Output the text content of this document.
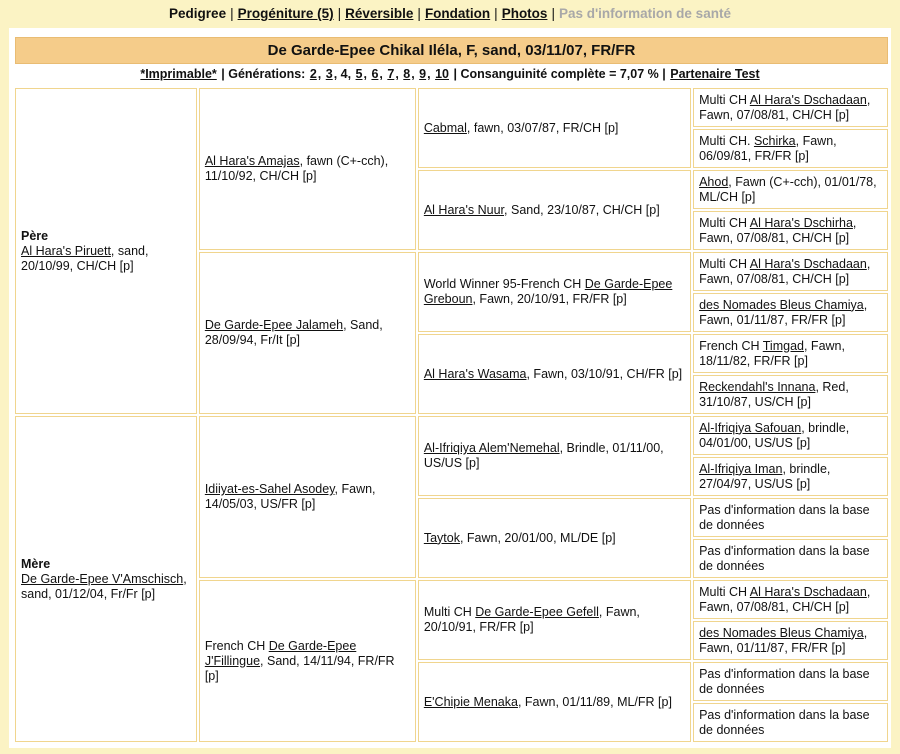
Pedigree | Progéniture (5) | Réversible | Fondation | Photos | Pas d'information de santé
De Garde-Epee Chikal Iléla, F, sand, 03/11/07, FR/FR
*Imprimable* | Générations: 2, 3, 4, 5, 6, 7, 8, 9, 10 | Consanguinité complète = 7,07 % | Partenaire Test
Père
Al Hara's Piruett, sand, 20/10/99, CH/CH [p]	Al Hara's Amajas, fawn (C+-cch), 11/10/92, CH/CH [p]	Cabmal, fawn, 03/07/87, FR/CH [p]	Multi CH Al Hara's Dschadaan, Fawn, 07/08/81, CH/CH [p]
			Multi CH. Schirka, Fawn, 06/09/81, FR/FR [p]
		Al Hara's Nuur, Sand, 23/10/87, CH/CH [p]	Ahod, Fawn (C+-cch), 01/01/78, ML/CH [p]
			Multi CH Al Hara's Dschirha, Fawn, 07/08/81, CH/CH [p]
	De Garde-Epee Jalameh, Sand, 28/09/94, Fr/It [p]	World Winner 95-French CH De Garde-Epee Greboun, Fawn, 20/10/91, FR/FR [p]	Multi CH Al Hara's Dschadaan, Fawn, 07/08/81, CH/CH [p]
			des Nomades Bleus Chamiya, Fawn, 01/11/87, FR/FR [p]
		Al Hara's Wasama, Fawn, 03/10/91, CH/FR [p]	French CH Timgad, Fawn, 18/11/82, FR/FR [p]
			Reckendahl's Innana, Red, 31/10/87, US/CH [p]

Mère
De Garde-Epee V'Amschisch, sand, 01/12/04, Fr/Fr [p]	Idiiyat-es-Sahel Asodey, Fawn, 14/05/03, US/FR [p]	Al-Ifriqiya Alem'Nemehal, Brindle, 01/11/00, US/US [p]	Al-Ifriqiya Safouan, brindle, 04/01/00, US/US [p]
			Al-Ifriqiya Iman, brindle, 27/04/97, US/US [p]
		Taytok, Fawn, 20/01/00, ML/DE [p]	Pas d'information dans la base de données
			Pas d'information dans la base de données
	French CH De Garde-Epee J'Fillingue, Sand, 14/11/94, FR/FR [p]	Multi CH De Garde-Epee Gefell, Fawn, 20/10/91, FR/FR [p]	Multi CH Al Hara's Dschadaan, Fawn, 07/08/81, CH/CH [p]
			des Nomades Bleus Chamiya, Fawn, 01/11/87, FR/FR [p]
		E'Chipie Menaka, Fawn, 01/11/89, ML/FR [p]	Pas d'information dans la base de données
			Pas d'information dans la base de données
